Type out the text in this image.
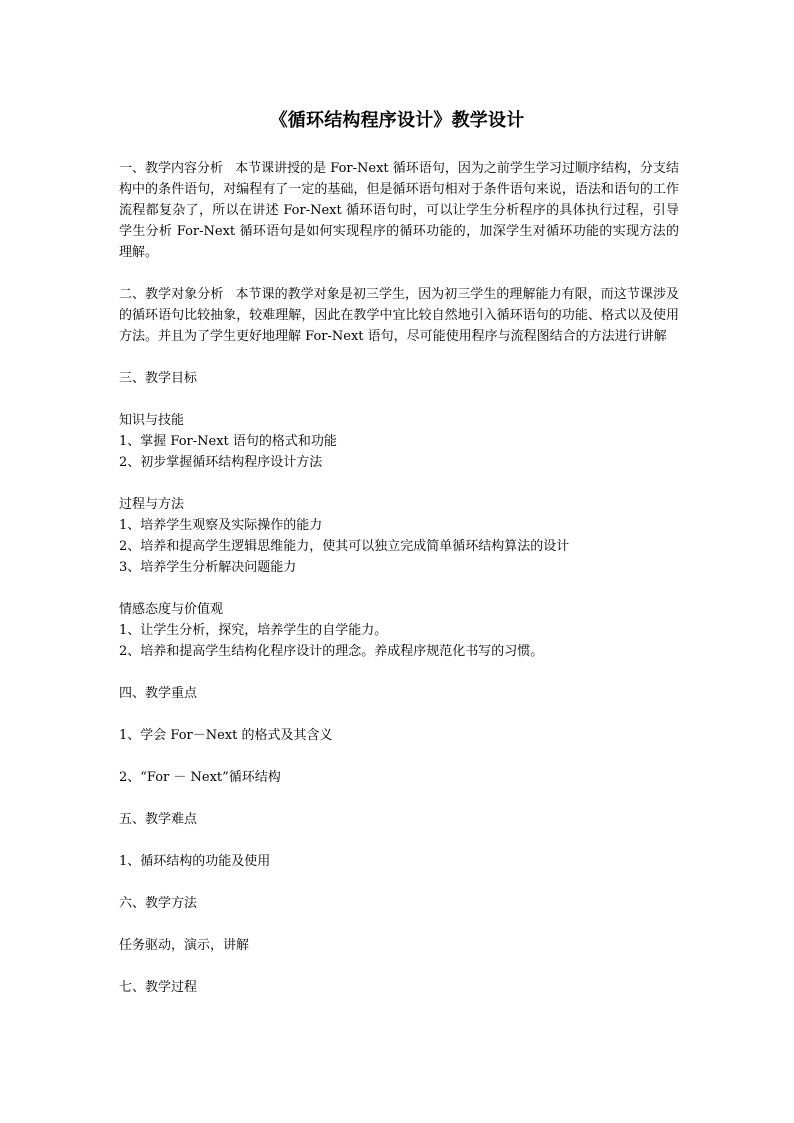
《循环结构程序设计》教学设计

一、教学内容分析 本节课讲授的是 For-Next 循环语句，因为之前学生学习过顺序结构，分支结构中的条件语句，对编程有了一定的基础，但是循环语句相对于条件语句来说，语法和语句的工作流程都复杂了，所以在讲述 For-Next 循环语句时，可以让学生分析程序的具体执行过程，引导学生分析 For-Next 循环语句是如何实现程序的循环功能的，加深学生对循环功能的实现方法的理解。

二、教学对象分析 本节课的教学对象是初三学生，因为初三学生的理解能力有限，而这节课涉及的循环语句比较抽象，较难理解，因此在教学中宜比较自然地引入循环语句的功能、格式以及使用方法。并且为了学生更好地理解 For-Next 语句，尽可能使用程序与流程图结合的方法进行讲解

三、教学目标

知识与技能

1、掌握 For-Next 语句的格式和功能

2、初步掌握循环结构程序设计方法

过程与方法

1、培养学生观察及实际操作的能力

2、培养和提高学生逻辑思维能力，使其可以独立完成简单循环结构算法的设计

3、培养学生分析解决问题能力

情感态度与价值观

1、让学生分析，探究，培养学生的自学能力。

2、培养和提高学生结构化程序设计的理念。养成程序规范化书写的习惯。

四、教学重点

1、学会 For－Next 的格式及其含义

2、“For － Next”循环结构

五、教学难点

1、循环结构的功能及使用

六、教学方法

任务驱动，演示，讲解

七、教学过程
